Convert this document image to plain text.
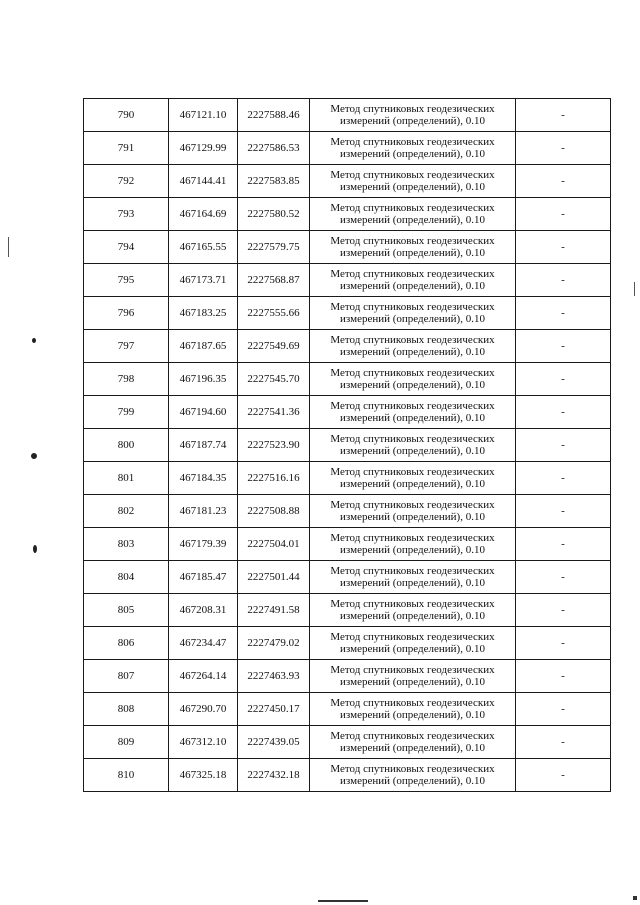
790	467121.10	2227588.46	Метод спутниковых геодезических
измерений (определений), 0.10	-
791	467129.99	2227586.53	Метод спутниковых геодезических
измерений (определений), 0.10	-
792	467144.41	2227583.85	Метод спутниковых геодезических
измерений (определений), 0.10	-
793	467164.69	2227580.52	Метод спутниковых геодезических
измерений (определений), 0.10	-
794	467165.55	2227579.75	Метод спутниковых геодезических
измерений (определений), 0.10	-
795	467173.71	2227568.87	Метод спутниковых геодезических
измерений (определений), 0.10	-
796	467183.25	2227555.66	Метод спутниковых геодезических
измерений (определений), 0.10	-
797	467187.65	2227549.69	Метод спутниковых геодезических
измерений (определений), 0.10	-
798	467196.35	2227545.70	Метод спутниковых геодезических
измерений (определений), 0.10	-
799	467194.60	2227541.36	Метод спутниковых геодезических
измерений (определений), 0.10	-
800	467187.74	2227523.90	Метод спутниковых геодезических
измерений (определений), 0.10	-
801	467184.35	2227516.16	Метод спутниковых геодезических
измерений (определений), 0.10	-
802	467181.23	2227508.88	Метод спутниковых геодезических
измерений (определений), 0.10	-
803	467179.39	2227504.01	Метод спутниковых геодезических
измерений (определений), 0.10	-
804	467185.47	2227501.44	Метод спутниковых геодезических
измерений (определений), 0.10	-
805	467208.31	2227491.58	Метод спутниковых геодезических
измерений (определений), 0.10	-
806	467234.47	2227479.02	Метод спутниковых геодезических
измерений (определений), 0.10	-
807	467264.14	2227463.93	Метод спутниковых геодезических
измерений (определений), 0.10	-
808	467290.70	2227450.17	Метод спутниковых геодезических
измерений (определений), 0.10	-
809	467312.10	2227439.05	Метод спутниковых геодезических
измерений (определений), 0.10	-
810	467325.18	2227432.18	Метод спутниковых геодезических
измерений (определений), 0.10	-
